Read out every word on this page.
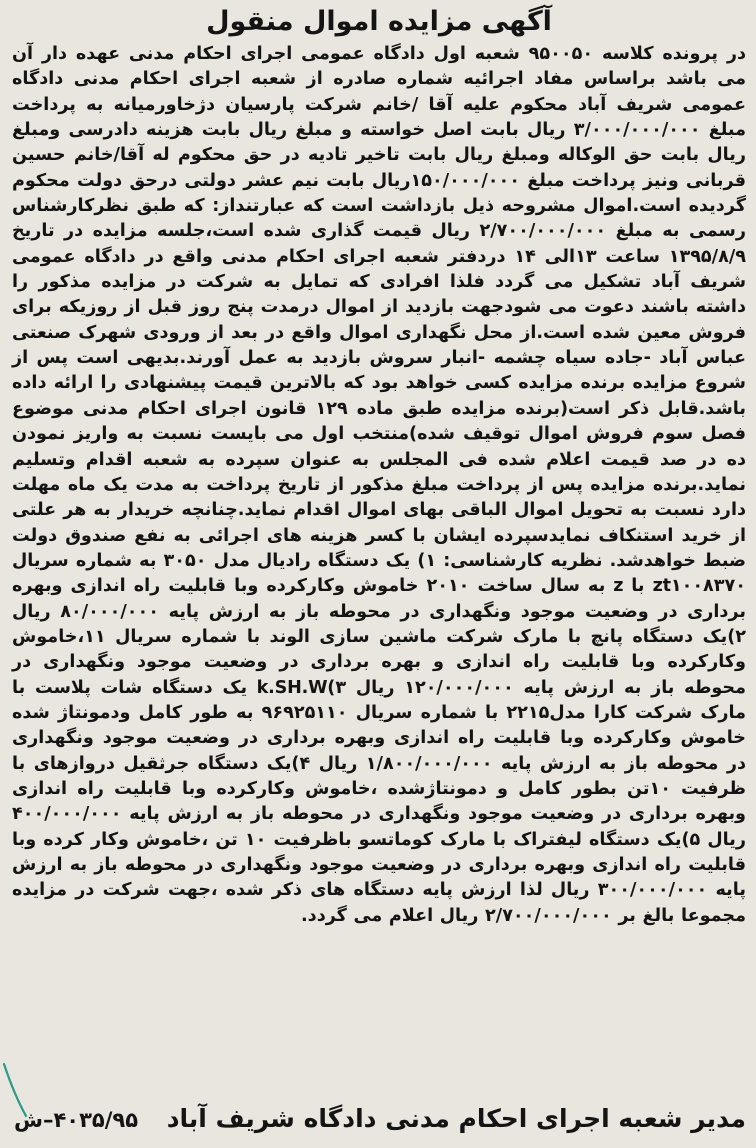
آگهی مزایده اموال منقول

در پرونده کلاسه ۹۵۰۰۵۰ شعبه اول دادگاه عمومی اجرای احکام مدنی عهده دار آن می باشد براساس مفاد اجرائیه شماره صادره از شعبه اجرای احکام مدنی دادگاه عمومی شریف آباد محکوم علیه آقا /خانم شرکت پارسیان دژخاورمیانه به پرداخت مبلغ ۳/۰۰۰/۰۰۰/۰۰۰ ریال بابت اصل خواسته و مبلغ ریال بابت هزینه دادرسی ومبلغ ریال بابت حق الوکاله ومبلغ ریال بابت تاخیر تادیه در حق محکوم له آقا/خانم حسین قربانی ونیز پرداخت مبلغ ۱۵۰/۰۰۰/۰۰۰ریال بابت نیم عشر دولتی درحق دولت محکوم گردیده است.اموال مشروحه ذیل بازداشت است که عبارتنداز: که طبق نظرکارشناس رسمی به مبلغ ۲/۷۰۰/۰۰۰/۰۰۰ ریال قیمت گذاری شده است،جلسه مزایده در تاریخ ۱۳۹۵/۸/۹ ساعت ۱۳الی ۱۴ دردفتر شعبه اجرای احکام مدنی واقع در دادگاه عمومی شریف آباد تشکیل می گردد فلذا افرادی که تمایل به شرکت در مزایده مذکور را داشته باشند دعوت می شودجهت بازدید از اموال درمدت پنج روز قبل از روزیکه برای فروش معین شده است.از محل نگهداری اموال واقع در بعد از ورودی شهرک صنعتی عباس آباد -جاده سیاه چشمه -انبار سروش بازدید به عمل آورند.بدیهی است پس از شروع مزایده برنده مزایده کسی خواهد بود که بالاترین قیمت پیشنهادی را ارائه داده باشد.قابل ذکر است(برنده مزایده طبق ماده ۱۲۹ قانون اجرای احکام مدنی موضوع فصل سوم فروش اموال توقیف شده)منتخب اول می بایست نسبت به واریز نمودن ده در صد قیمت اعلام شده فی المجلس به عنوان سپرده به شعبه اقدام وتسلیم نماید.برنده مزایده پس از پرداخت مبلغ مذکور از تاریخ پرداخت به مدت یک ماه مهلت دارد نسبت به تحویل اموال الباقی بهای اموال اقدام نماید.چنانچه خریدار به هر علتی از خرید استنکاف نمایدسپرده ایشان با کسر هزینه های اجرائی به نفع صندوق دولت ضبط خواهدشد. نظریه کارشناسی: ۱) یک دستگاه رادیال مدل ۳۰۵۰ به شماره سریال zt۱۰۰۸۳۷۰ با z به سال ساخت ۲۰۱۰ خاموش وکارکرده وبا قابلیت راه اندازی وبهره برداری در وضعیت موجود ونگهداری در محوطه باز به ارزش پایه ۸۰/۰۰۰/۰۰۰ ریال ۲)یک دستگاه پانچ با مارک شرکت ماشین سازی الوند با شماره سریال ۱۱،خاموش وکارکرده وبا قابلیت راه اندازی و بهره برداری در وضعیت موجود ونگهداری در محوطه باز به ارزش پایه ۱۲۰/۰۰۰/۰۰۰ ریال ۳)k.SH.W یک دستگاه شات پلاست با مارک شرکت کارا مدل۲۲۱۵ با شماره سریال ۹۶۹۲۵۱۱۰ به طور کامل ودمونتاژ شده خاموش وکارکرده وبا قابلیت راه اندازی وبهره برداری در وضعیت موجود ونگهداری در محوطه باز به ارزش پایه ۱/۸۰۰/۰۰۰/۰۰۰ ریال ۴)یک دستگاه جرثقیل دروازهای با ظرفیت ۱۰تن بطور کامل و دمونتاژشده ،خاموش وکارکرده وبا قابلیت راه اندازی وبهره برداری در وضعیت موجود ونگهداری در محوطه باز به ارزش پایه ۴۰۰/۰۰۰/۰۰۰ ریال ۵)یک دستگاه لیفتراک با مارک کوماتسو باظرفیت ۱۰ تن ،خاموش وکار کرده وبا قابلیت راه اندازی وبهره برداری در وضعیت موجود ونگهداری در محوطه باز به ارزش پایه ۳۰۰/۰۰۰/۰۰۰ ریال لذا ارزش پایه دستگاه های ذکر شده ،جهت شرکت در مزایده مجموعا بالغ بر ۲/۷۰۰/۰۰۰/۰۰۰ ریال اعلام می گردد.

مدیر شعبه اجرای احکام مدنی دادگاه شریف آباد
۴۰۳۵/۹۵–ش
